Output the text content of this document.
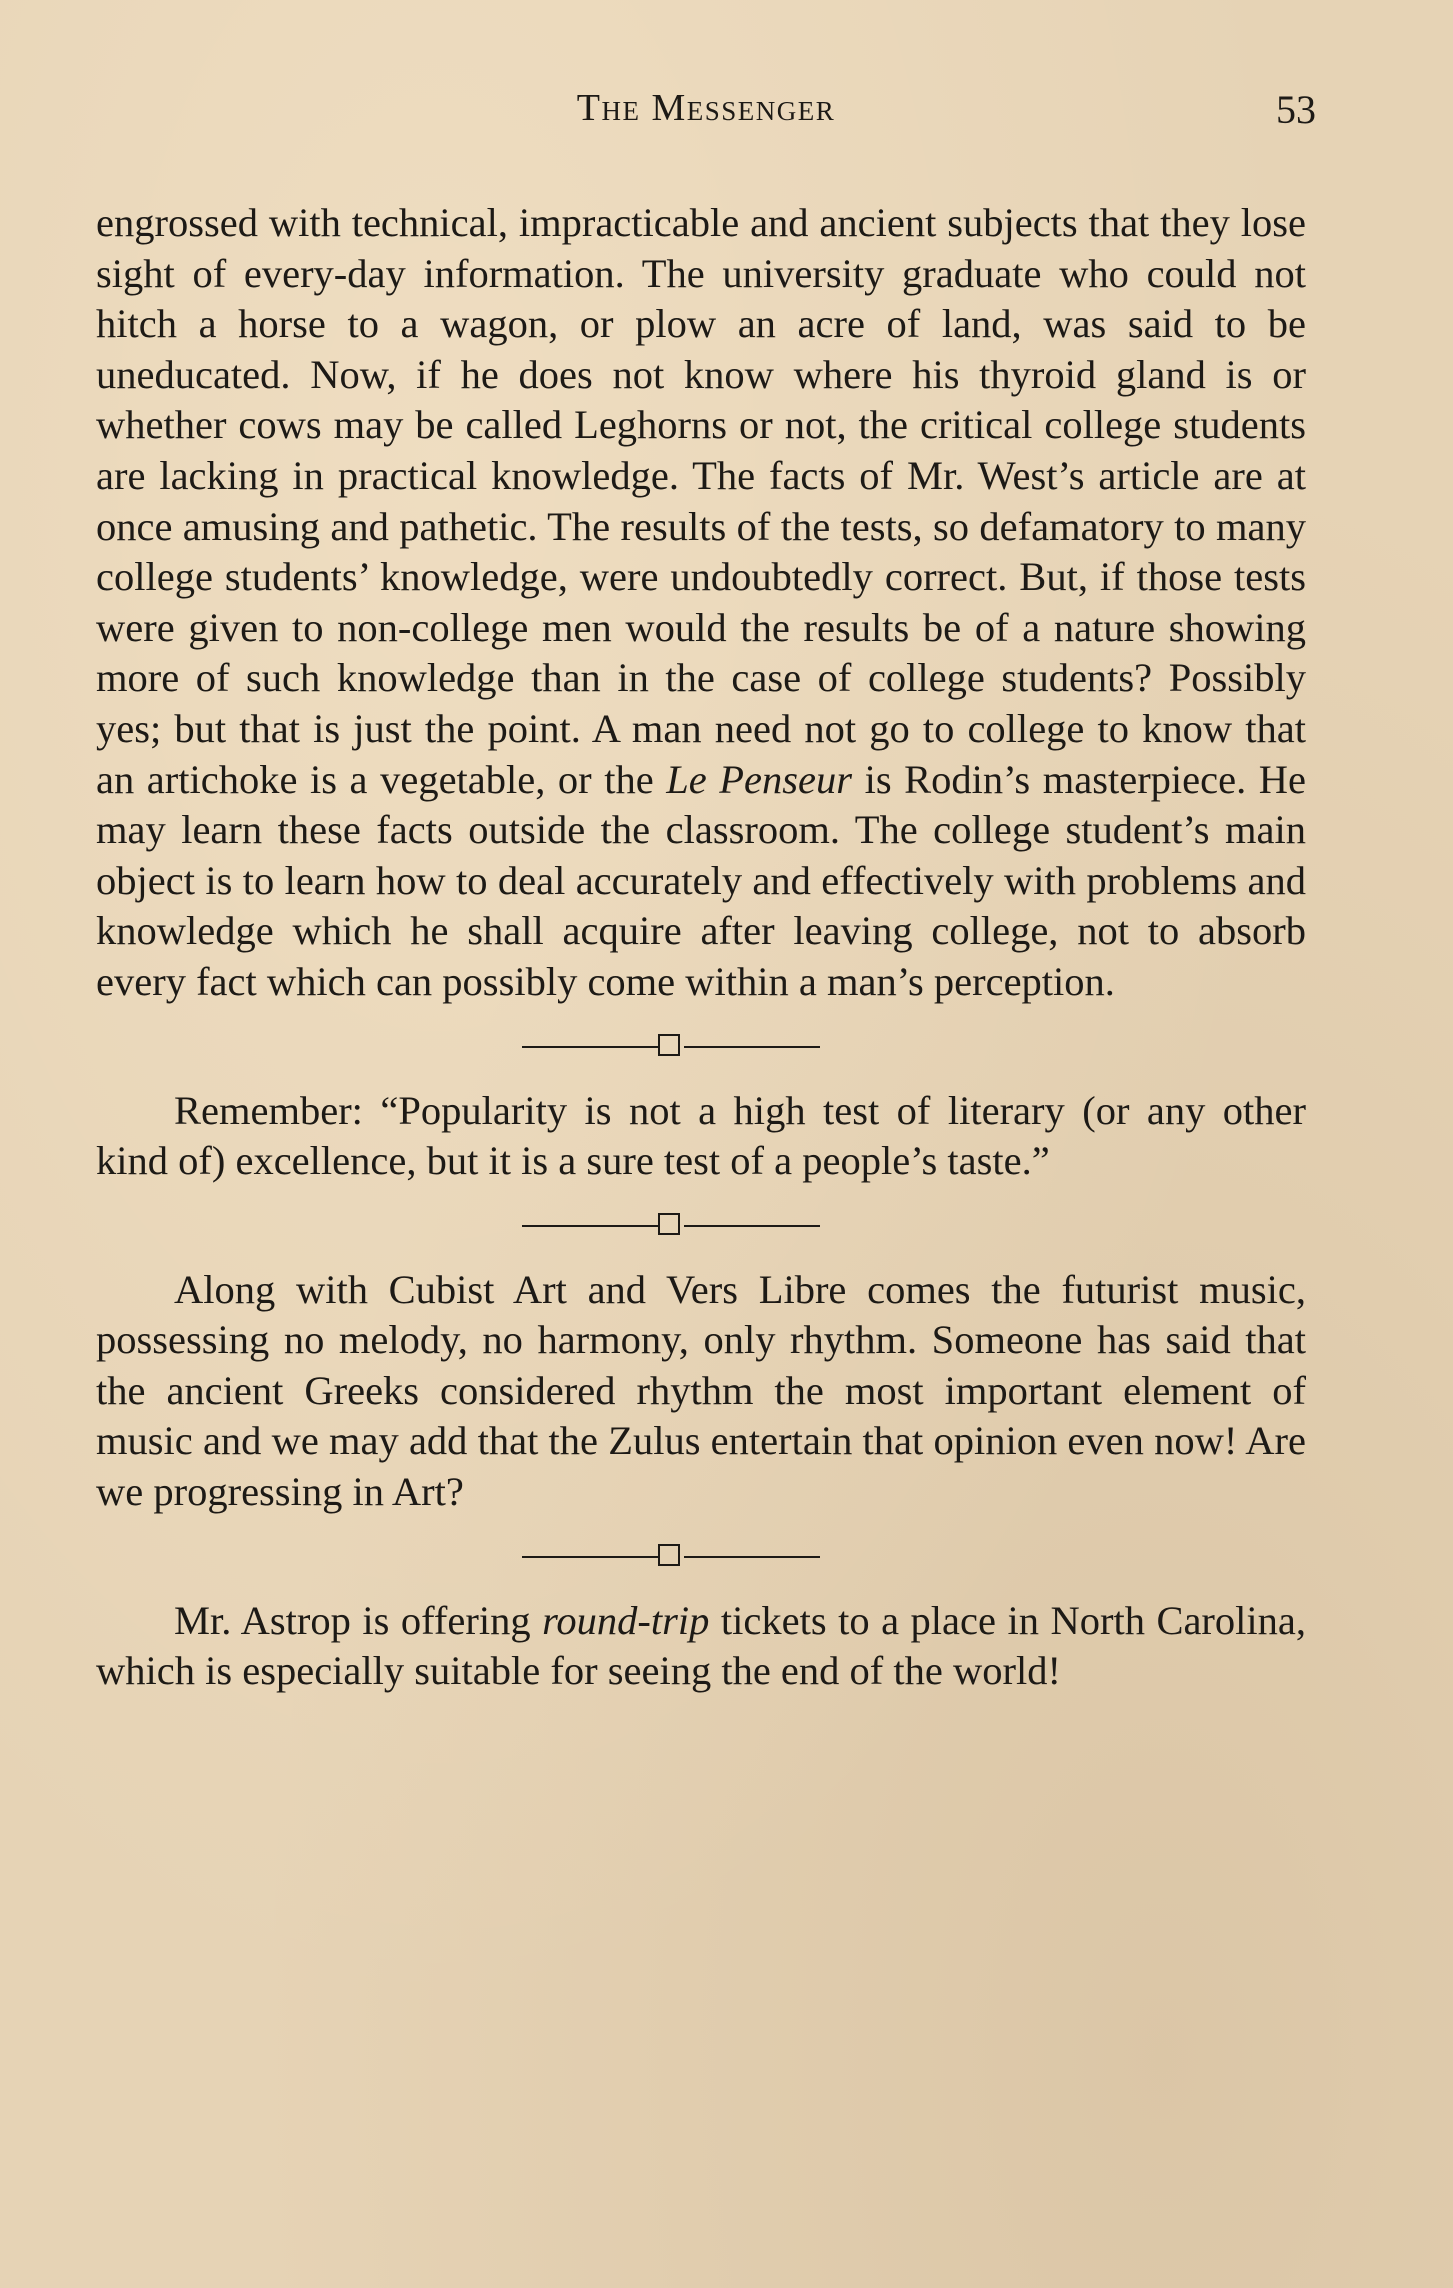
The Messenger	53

engrossed with technical, impracticable and ancient subjects that they lose sight of every-day information. The university graduate who could not hitch a horse to a wagon, or plow an acre of land, was said to be uneducated. Now, if he does not know where his thyroid gland is or whether cows may be called Leghorns or not, the critical college students are lacking in practical knowledge. The facts of Mr. West’s article are at once amusing and pathetic. The results of the tests, so defamatory to many college students’ knowledge, were undoubtedly correct. But, if those tests were given to non-college men would the results be of a nature showing more of such knowledge than in the case of college students? Possibly yes; but that is just the point. A man need not go to college to know that an artichoke is a vegetable, or the Le Penseur is Rodin’s masterpiece. He may learn these facts outside the classroom. The college student’s main object is to learn how to deal accurately and effectively with problems and knowledge which he shall acquire after leaving college, not to absorb every fact which can possibly come within a man’s perception.

Remember: “Popularity is not a high test of literary (or any other kind of) excellence, but it is a sure test of a people’s taste.”

Along with Cubist Art and Vers Libre comes the futurist music, possessing no melody, no harmony, only rhythm. Someone has said that the ancient Greeks considered rhythm the most important element of music and we may add that the Zulus entertain that opinion even now! Are we progressing in Art?

Mr. Astrop is offering round-trip tickets to a place in North Carolina, which is especially suitable for seeing the end of the world!
